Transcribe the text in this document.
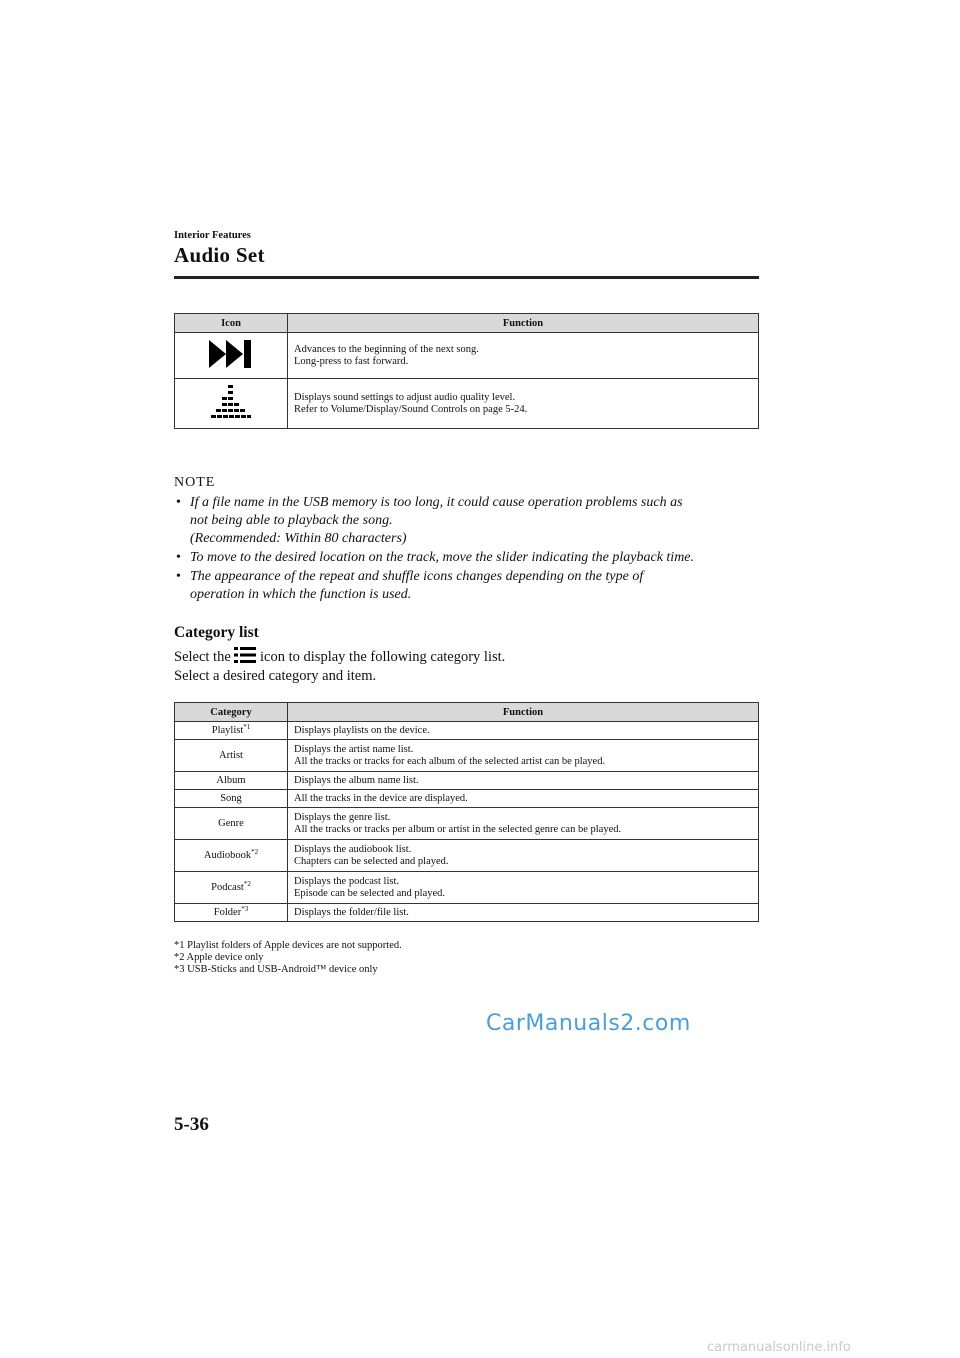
Interior Features
Audio Set
Icon	Function

Advances to the beginning of the next song.
Long-press to fast forward.

Displays sound settings to adjust audio quality level.
Refer to Volume/Display/Sound Controls on page 5-24.
NOTE
• If a file name in the USB memory is too long, it could cause operation problems such as
not being able to playback the song.
(Recommended: Within 80 characters)
• To move to the desired location on the track, move the slider indicating the playback time.
• The appearance of the repeat and shuffle icons changes depending on the type of
operation in which the function is used.
Category list
Select the icon to display the following category list.
Select a desired category and item.
Category	Function
Playlist$^{*1}$	Displays playlists on the device.

Artist	Displays the artist name list.
All the tracks or tracks for each album of the selected artist can be played.

Album	Displays the album name list.

Song	All the tracks in the device are displayed.

Genre	Displays the genre list.
All the tracks or tracks per album or artist in the selected genre can be played.

Audiobook$^{*2}$	Displays the audiobook list.
Chapters can be selected and played.

Podcast$^{*2}$	Displays the podcast list.
Episode can be selected and played.

Folder$^{*3}$	Displays the folder/file list.
*1 Playlist folders of Apple devices are not supported.
*2 Apple device only
*3 USB-Sticks and USB-Android™ device only
CarManuals2.com
5-36
carmanualsonline.info
